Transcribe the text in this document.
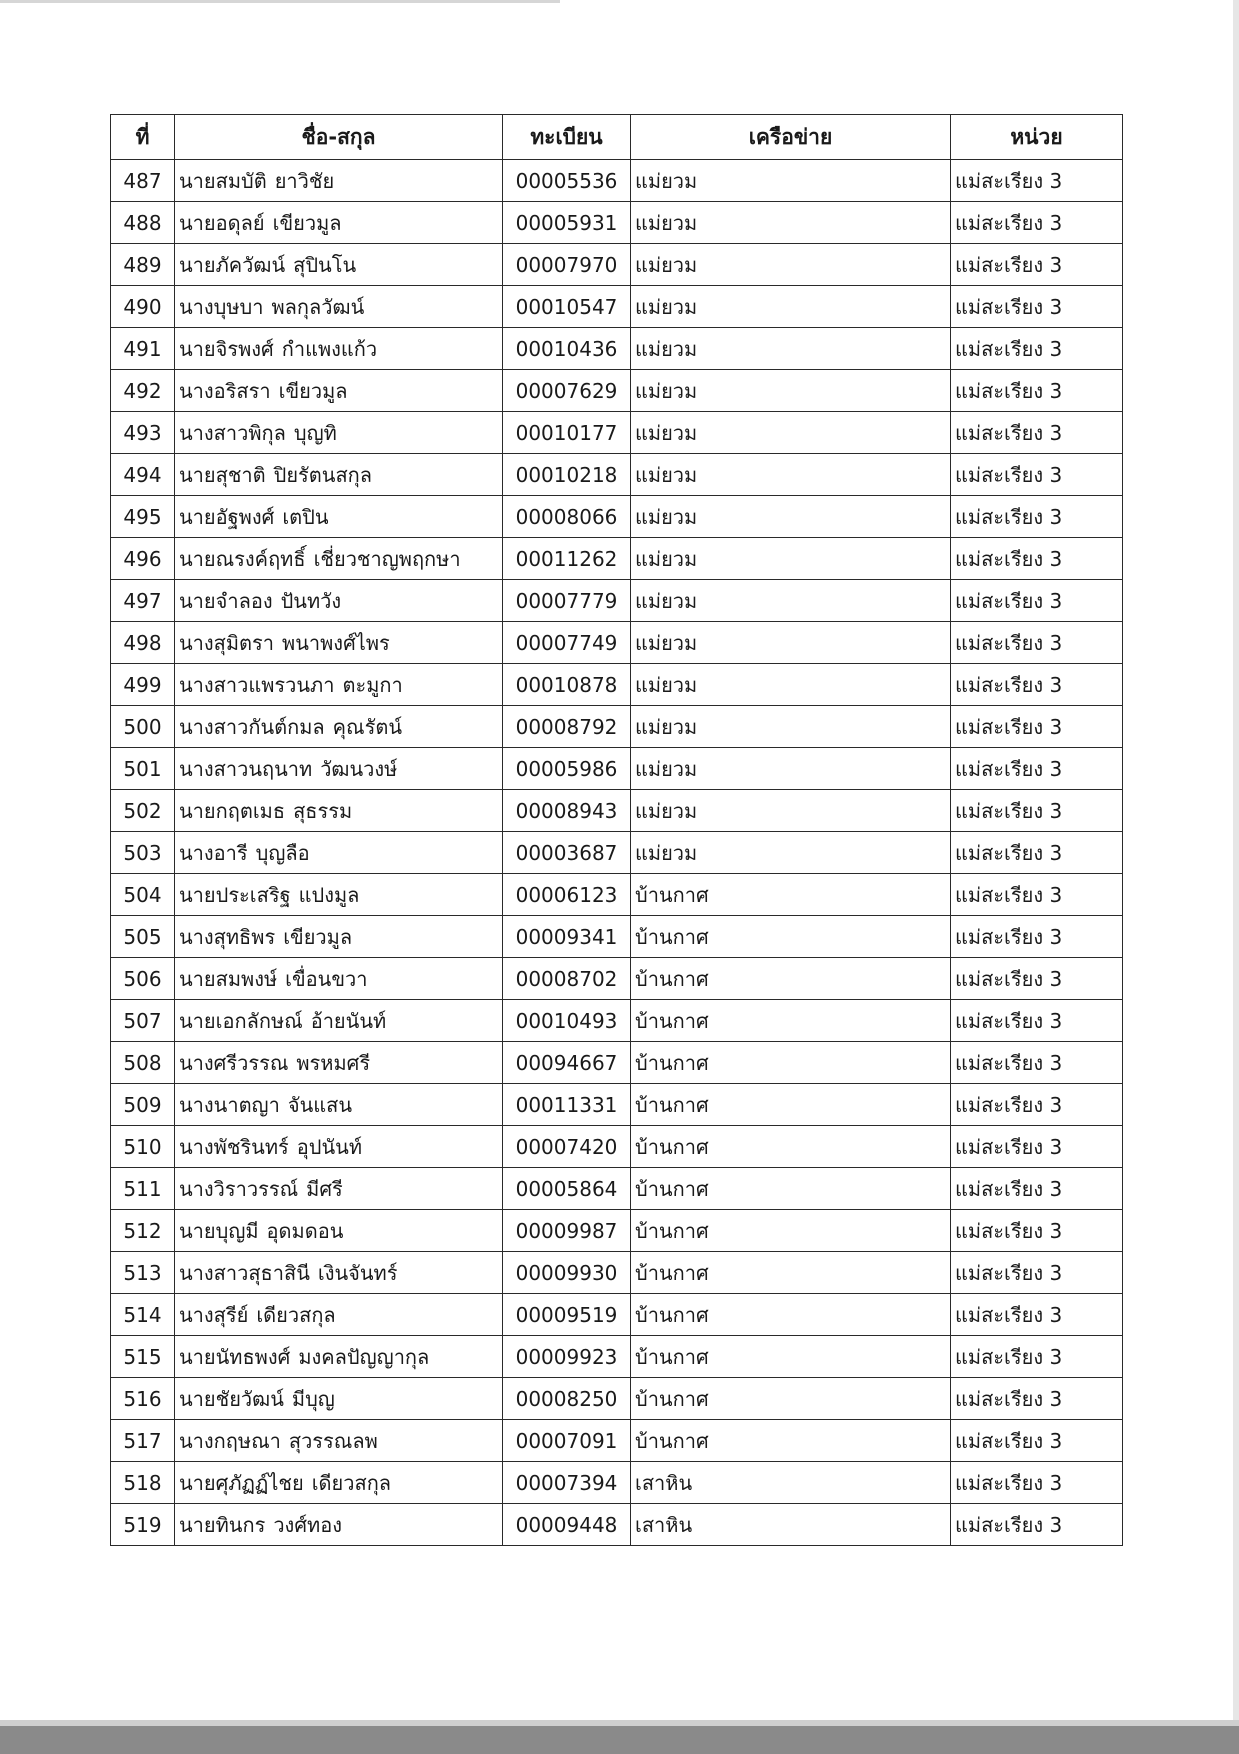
ที่	ชื่อ-สกุล	ทะเบียน	เครือข่าย	หน่วย
487	นายสมบัติ ยาวิชัย	00005536	แม่ยวม	แม่สะเรียง 3
488	นายอดุลย์ เขียวมูล	00005931	แม่ยวม	แม่สะเรียง 3
489	นายภัควัฒน์ สุปินโน	00007970	แม่ยวม	แม่สะเรียง 3
490	นางบุษบา พลกุลวัฒน์	00010547	แม่ยวม	แม่สะเรียง 3
491	นายจิรพงศ์ กำแพงแก้ว	00010436	แม่ยวม	แม่สะเรียง 3
492	นางอริสรา เขียวมูล	00007629	แม่ยวม	แม่สะเรียง 3
493	นางสาวพิกุล บุญทิ	00010177	แม่ยวม	แม่สะเรียง 3
494	นายสุชาติ ปิยรัตนสกุล	00010218	แม่ยวม	แม่สะเรียง 3
495	นายอัฐพงศ์ เตปิน	00008066	แม่ยวม	แม่สะเรียง 3
496	นายณรงค์ฤทธิ์ เชี่ยวชาญพฤกษา	00011262	แม่ยวม	แม่สะเรียง 3
497	นายจำลอง ปันทวัง	00007779	แม่ยวม	แม่สะเรียง 3
498	นางสุมิตรา พนาพงศ์ไพร	00007749	แม่ยวม	แม่สะเรียง 3
499	นางสาวแพรวนภา ตะมูกา	00010878	แม่ยวม	แม่สะเรียง 3
500	นางสาวกันต์กมล คุณรัตน์	00008792	แม่ยวม	แม่สะเรียง 3
501	นางสาวนฤนาท วัฒนวงษ์	00005986	แม่ยวม	แม่สะเรียง 3
502	นายกฤตเมธ สุธรรม	00008943	แม่ยวม	แม่สะเรียง 3
503	นางอารี บุญลือ	00003687	แม่ยวม	แม่สะเรียง 3
504	นายประเสริฐ แปงมูล	00006123	บ้านกาศ	แม่สะเรียง 3
505	นางสุทธิพร เขียวมูล	00009341	บ้านกาศ	แม่สะเรียง 3
506	นายสมพงษ์ เขื่อนขวา	00008702	บ้านกาศ	แม่สะเรียง 3
507	นายเอกลักษณ์ อ้ายนันท์	00010493	บ้านกาศ	แม่สะเรียง 3
508	นางศรีวรรณ พรหมศรี	00094667	บ้านกาศ	แม่สะเรียง 3
509	นางนาตญา จันแสน	00011331	บ้านกาศ	แม่สะเรียง 3
510	นางพัชรินทร์ อุปนันท์	00007420	บ้านกาศ	แม่สะเรียง 3
511	นางวิราวรรณ์ มีศรี	00005864	บ้านกาศ	แม่สะเรียง 3
512	นายบุญมี อุดมดอน	00009987	บ้านกาศ	แม่สะเรียง 3
513	นางสาวสุธาสินี เงินจันทร์	00009930	บ้านกาศ	แม่สะเรียง 3
514	นางสุรีย์ เดียวสกุล	00009519	บ้านกาศ	แม่สะเรียง 3
515	นายนัทธพงศ์ มงคลปัญญากุล	00009923	บ้านกาศ	แม่สะเรียง 3
516	นายชัยวัฒน์ มีบุญ	00008250	บ้านกาศ	แม่สะเรียง 3
517	นางกฤษณา สุวรรณลพ	00007091	บ้านกาศ	แม่สะเรียง 3
518	นายศุภัฏฏ์ไชย เดียวสกุล	00007394	เสาหิน	แม่สะเรียง 3
519	นายทินกร วงศ์ทอง	00009448	เสาหิน	แม่สะเรียง 3
